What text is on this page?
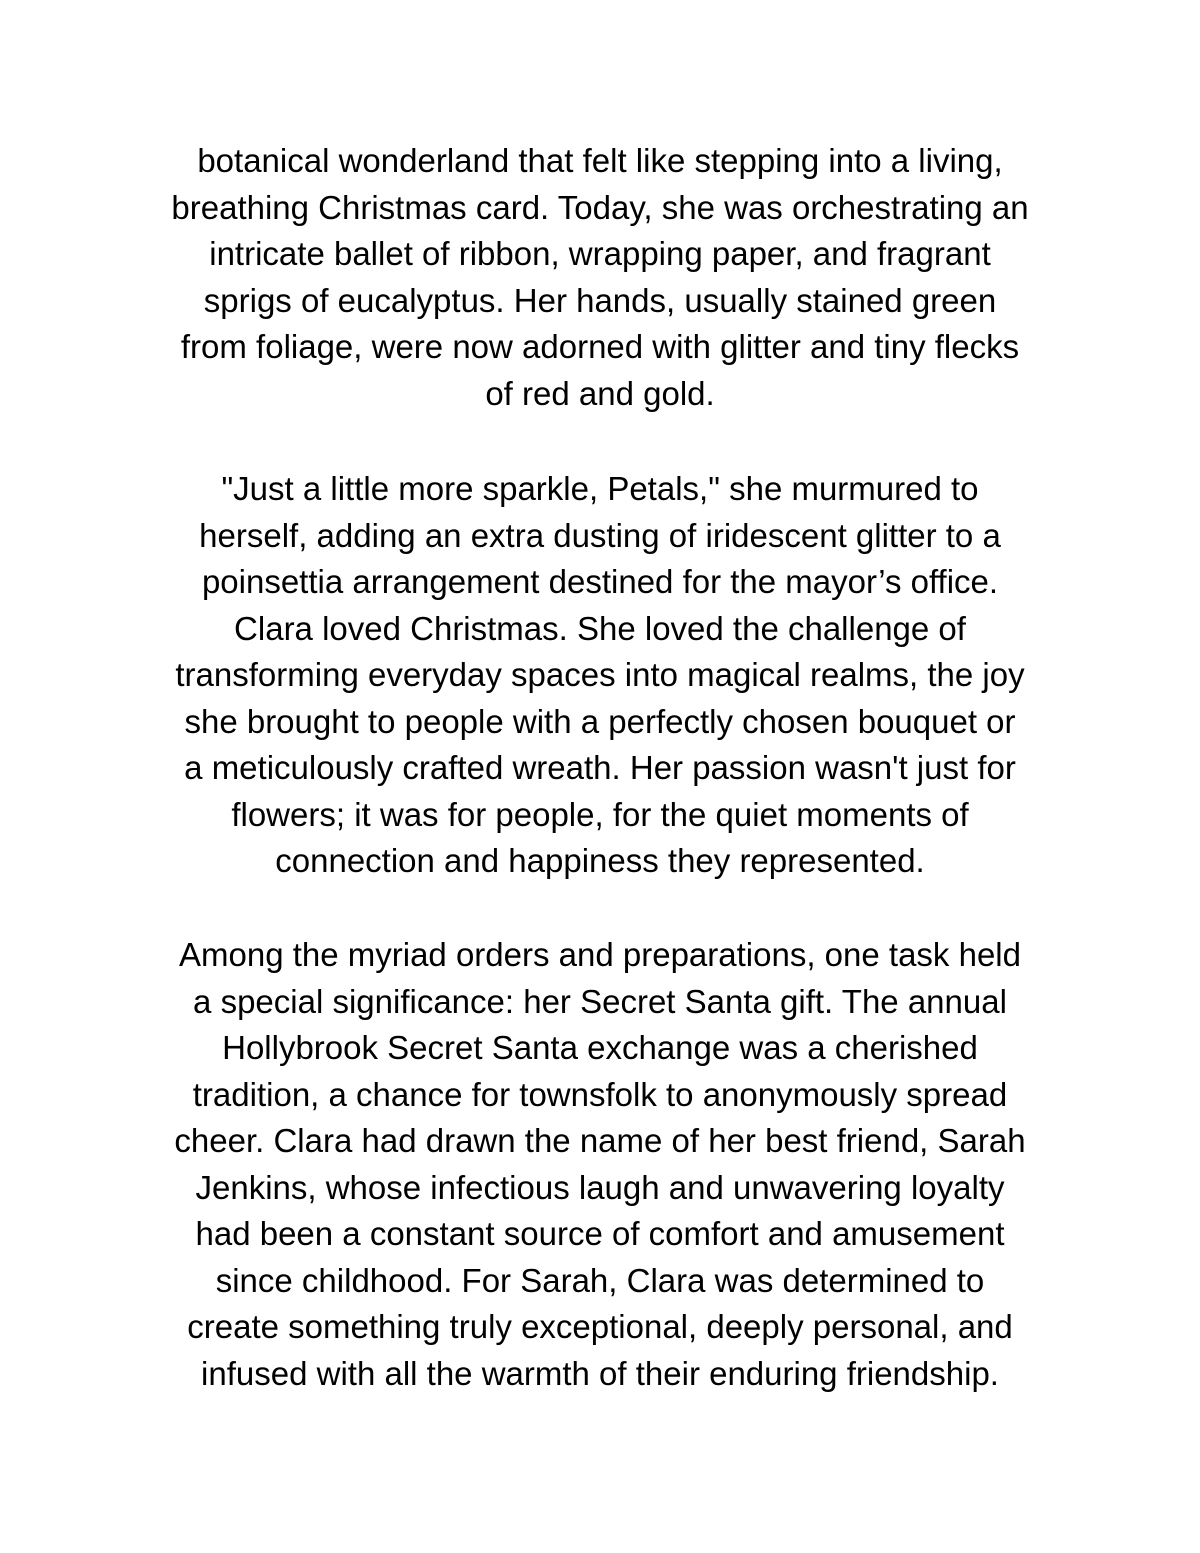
botanical wonderland that felt like stepping into a living,
breathing Christmas card. Today, she was orchestrating an
intricate ballet of ribbon, wrapping paper, and fragrant
sprigs of eucalyptus. Her hands, usually stained green
from foliage, were now adorned with glitter and tiny flecks
of red and gold.
"Just a little more sparkle, Petals," she murmured to
herself, adding an extra dusting of iridescent glitter to a
poinsettia arrangement destined for the mayor’s office.
Clara loved Christmas. She loved the challenge of
transforming everyday spaces into magical realms, the joy
she brought to people with a perfectly chosen bouquet or
a meticulously crafted wreath. Her passion wasn't just for
flowers; it was for people, for the quiet moments of
connection and happiness they represented.
Among the myriad orders and preparations, one task held
a special significance: her Secret Santa gift. The annual
Hollybrook Secret Santa exchange was a cherished
tradition, a chance for townsfolk to anonymously spread
cheer. Clara had drawn the name of her best friend, Sarah
Jenkins, whose infectious laugh and unwavering loyalty
had been a constant source of comfort and amusement
since childhood. For Sarah, Clara was determined to
create something truly exceptional, deeply personal, and
infused with all the warmth of their enduring friendship.
